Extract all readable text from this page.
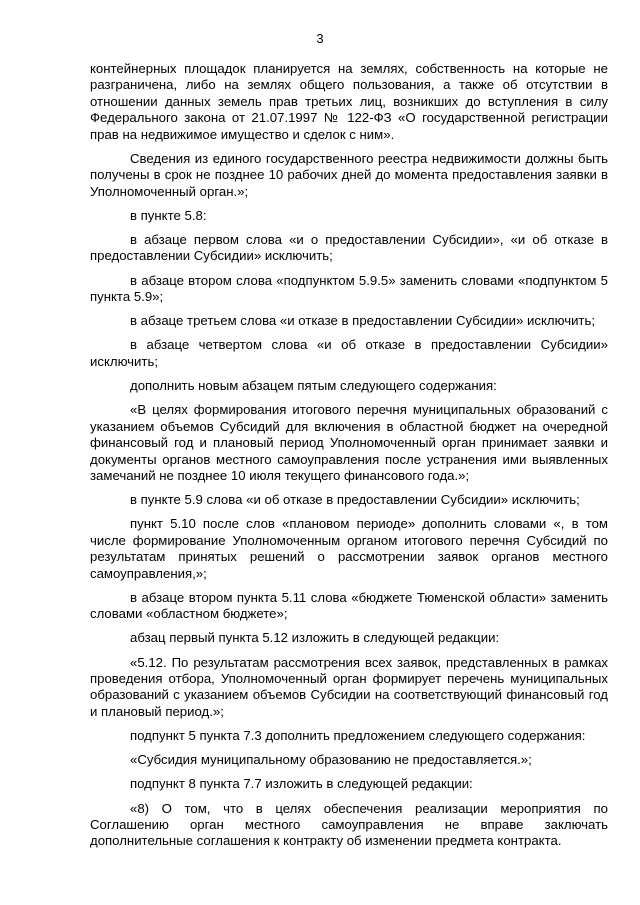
3

контейнерных площадок планируется на землях, собственность на которые не разграничена, либо на землях общего пользования, а также об отсутствии в отношении данных земель прав третьих лиц, возникших до вступления в силу Федерального закона от 21.07.1997 № 122-ФЗ «О государственной регистрации прав на недвижимое имущество и сделок с ним».

Сведения из единого государственного реестра недвижимости должны быть получены в срок не позднее 10 рабочих дней до момента предоставления заявки в Уполномоченный орган.»;

в пункте 5.8:

в абзаце первом слова «и о предоставлении Субсидии», «и об отказе в предоставлении Субсидии» исключить;

в абзаце втором слова «подпунктом 5.9.5» заменить словами «подпунктом 5 пункта 5.9»;

в абзаце третьем слова «и отказе в предоставлении Субсидии» исключить;

в абзаце четвертом слова «и об отказе в предоставлении Субсидии» исключить;

дополнить новым абзацем пятым следующего содержания:

«В целях формирования итогового перечня муниципальных образований с указанием объемов Субсидий для включения в областной бюджет на очередной финансовый год и плановый период Уполномоченный орган принимает заявки и документы органов местного самоуправления после устранения ими выявленных замечаний не позднее 10 июля текущего финансового года.»;

в пункте 5.9 слова «и об отказе в предоставлении Субсидии» исключить;

пункт 5.10 после слов «плановом периоде» дополнить словами «, в том числе формирование Уполномоченным органом итогового перечня Субсидий по результатам принятых решений о рассмотрении заявок органов местного самоуправления,»;

в абзаце втором пункта 5.11 слова «бюджете Тюменской области» заменить словами «областном бюджете»;

абзац первый пункта 5.12 изложить в следующей редакции:

«5.12. По результатам рассмотрения всех заявок, представленных в рамках проведения отбора, Уполномоченный орган формирует перечень муниципальных образований с указанием объемов Субсидии на соответствующий финансовый год и плановый период.»;

подпункт 5 пункта 7.3 дополнить предложением следующего содержания:

«Субсидия муниципальному образованию не предоставляется.»;

подпункт 8 пункта 7.7 изложить в следующей редакции:

«8) О том, что в целях обеспечения реализации мероприятия по Соглашению орган местного самоуправления не вправе заключать дополнительные соглашения к контракту об изменении предмета контракта.
